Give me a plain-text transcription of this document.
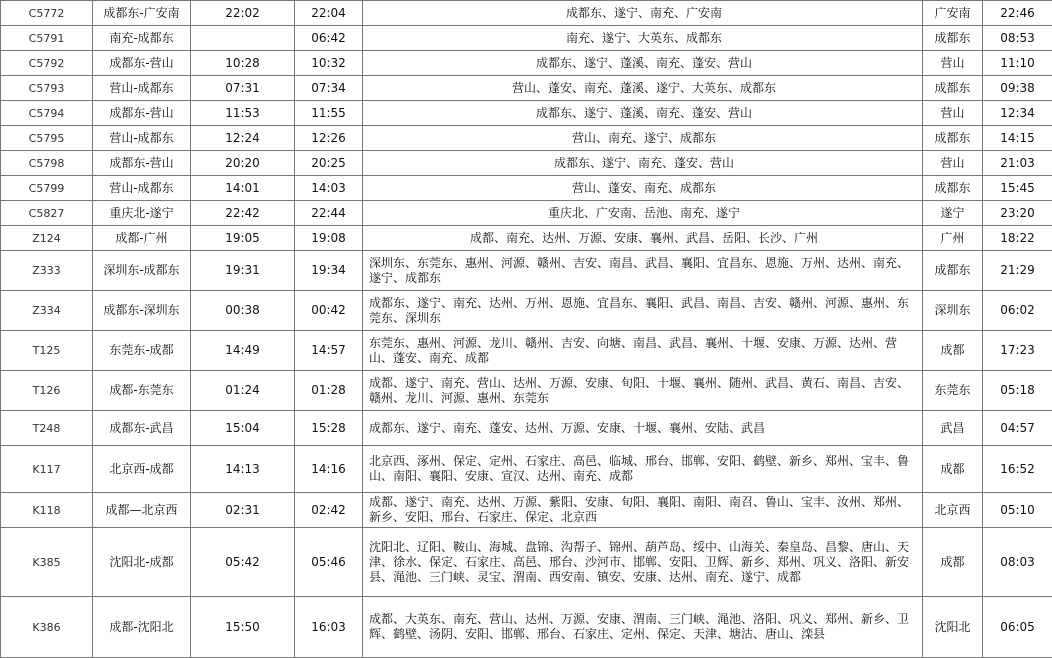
C5772	成都东-广安南	22:02	22:04	成都东、遂宁、南充、广安南	广安南	22:46
C5791	南充-成都东		06:42	南充、遂宁、大英东、成都东	成都东	08:53
C5792	成都东-营山	10:28	10:32	成都东、遂宁、蓬溪、南充、蓬安、营山	营山	11:10
C5793	营山-成都东	07:31	07:34	营山、蓬安、南充、蓬溪、遂宁、大英东、成都东	成都东	09:38
C5794	成都东-营山	11:53	11:55	成都东、遂宁、蓬溪、南充、蓬安、营山	营山	12:34
C5795	营山-成都东	12:24	12:26	营山、南充、遂宁、成都东	成都东	14:15
C5798	成都东-营山	20:20	20:25	成都东、遂宁、南充、蓬安、营山	营山	21:03
C5799	营山-成都东	14:01	14:03	营山、蓬安、南充、成都东	成都东	15:45
C5827	重庆北-遂宁	22:42	22:44	重庆北、广安南、岳池、南充、遂宁	遂宁	23:20
Z124	成都-广州	19:05	19:08	成都、南充、达州、万源、安康、襄州、武昌、岳阳、长沙、广州	广州	18:22
Z333	深圳东-成都东	19:31	19:34	深圳东、东莞东、惠州、河源、赣州、吉安、南昌、武昌、襄阳、宜昌东、恩施、万州、达州、南充、遂宁、成都东	成都东	21:29
Z334	成都东-深圳东	00:38	00:42	成都东、遂宁、南充、达州、万州、恩施、宜昌东、襄阳、武昌、南昌、吉安、赣州、河源、惠州、东莞东、深圳东	深圳东	06:02
T125	东莞东-成都	14:49	14:57	东莞东、惠州、河源、龙川、赣州、吉安、向塘、南昌、武昌、襄州、十堰、安康、万源、达州、营山、蓬安、南充、成都	成都	17:23
T126	成都-东莞东	01:24	01:28	成都、遂宁、南充、营山、达州、万源、安康、旬阳、十堰、襄州、随州、武昌、黄石、南昌、吉安、赣州、龙川、河源、惠州、东莞东	东莞东	05:18
T248	成都东-武昌	15:04	15:28	成都东、遂宁、南充、蓬安、达州、万源、安康、十堰、襄州、安陆、武昌	武昌	04:57
K117	北京西-成都	14:13	14:16	北京西、涿州、保定、定州、石家庄、高邑、临城、邢台、邯郸、安阳、鹤壁、新乡、郑州、宝丰、鲁山、南阳、襄阳、安康、宣汉、达州、南充、成都	成都	16:52
K118	成都—北京西	02:31	02:42	成都、遂宁、南充、达州、万源、紫阳、安康、旬阳、襄阳、南阳、南召、鲁山、宝丰、汝州、郑州、新乡、安阳、邢台、石家庄、保定、北京西	北京西	05:10
K385	沈阳北-成都	05:42	05:46	沈阳北、辽阳、鞍山、海城、盘锦、沟帮子、锦州、葫芦岛、绥中、山海关、秦皇岛、昌黎、唐山、天津、徐水、保定、石家庄、高邑、邢台、沙河市、邯郸、安阳、卫辉、新乡、郑州、巩义、洛阳、新安县、渑池、三门峡、灵宝、渭南、西安南、镇安、安康、达州、南充、遂宁、成都	成都	08:03
K386	成都-沈阳北	15:50	16:03	成都、大英东、南充、营山、达州、万源、安康、渭南、三门峡、渑池、洛阳、巩义、郑州、新乡、卫辉、鹤壁、汤阴、安阳、邯郸、邢台、石家庄、定州、保定、天津、塘沽、唐山、滦县	沈阳北	06:05
